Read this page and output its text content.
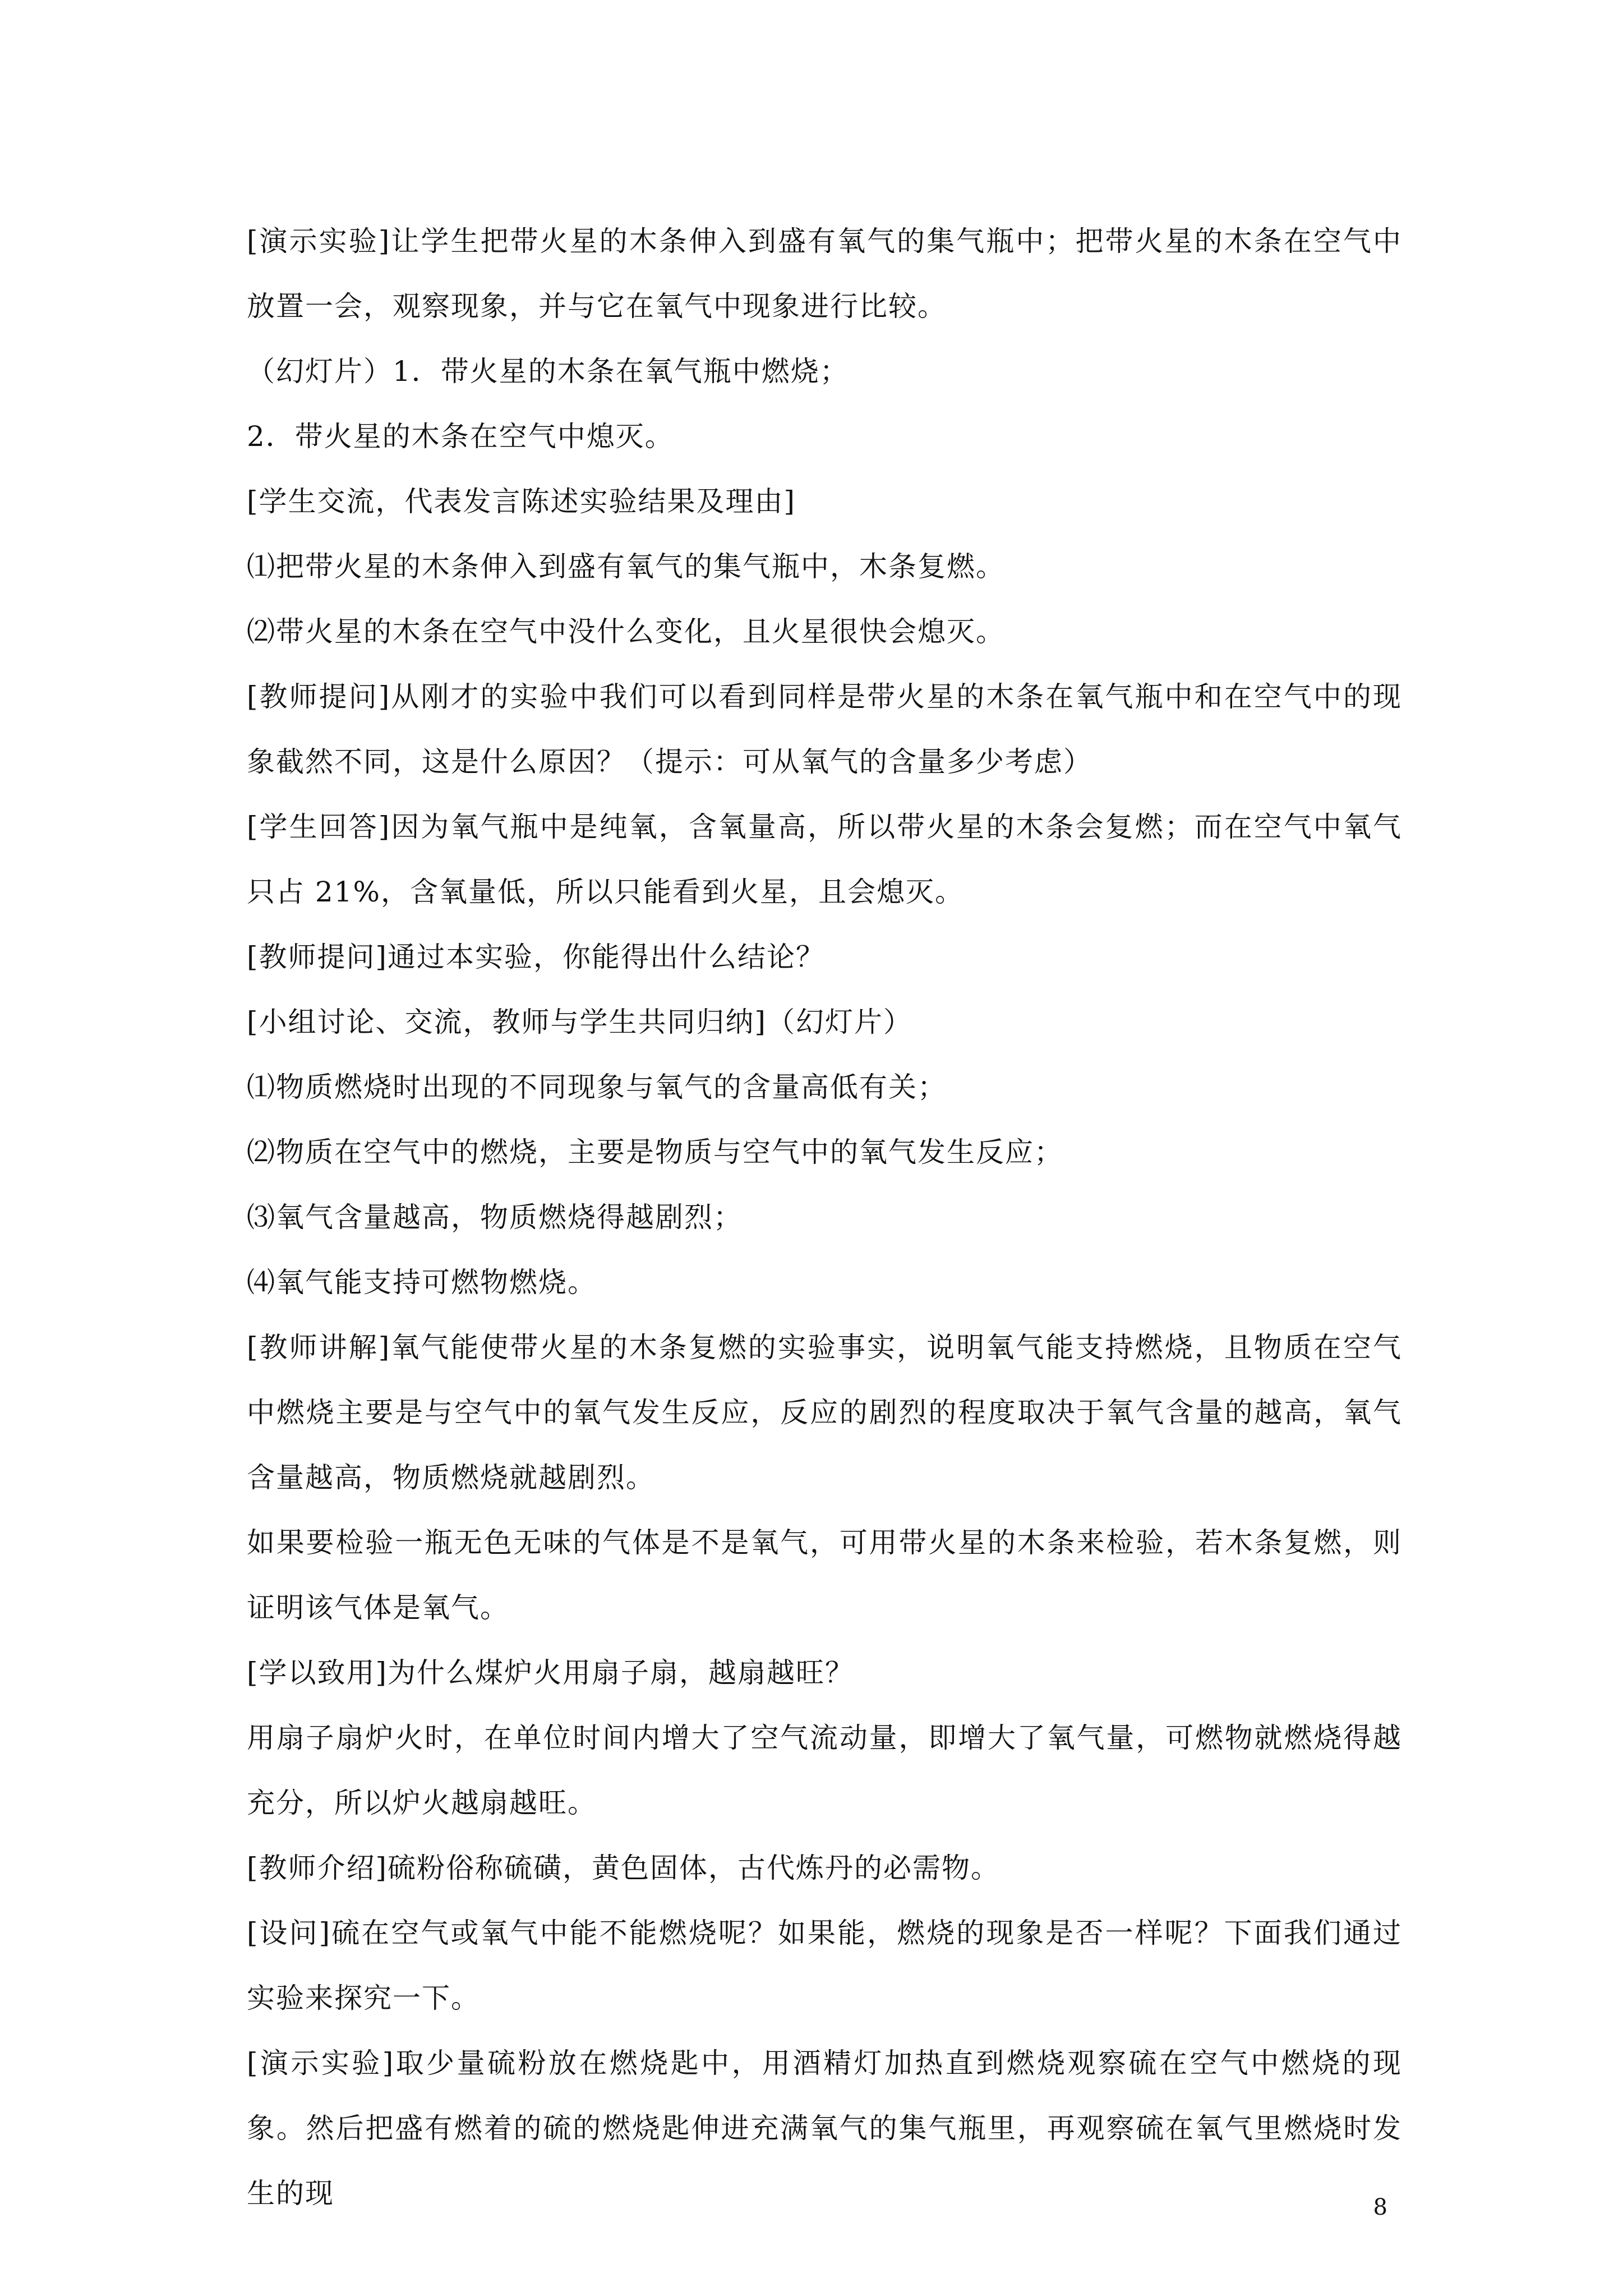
[演示实验]让学生把带火星的木条伸入到盛有氧气的集气瓶中；把带火星的木条在空气中放置一会，观察现象，并与它在氧气中现象进行比较。

（幻灯片）1．带火星的木条在氧气瓶中燃烧；

2．带火星的木条在空气中熄灭。

[学生交流，代表发言陈述实验结果及理由]

⑴把带火星的木条伸入到盛有氧气的集气瓶中，木条复燃。

⑵带火星的木条在空气中没什么变化，且火星很快会熄灭。

[教师提问]从刚才的实验中我们可以看到同样是带火星的木条在氧气瓶中和在空气中的现象截然不同，这是什么原因？（提示：可从氧气的含量多少考虑）

[学生回答]因为氧气瓶中是纯氧，含氧量高，所以带火星的木条会复燃；而在空气中氧气只占 21%，含氧量低，所以只能看到火星，且会熄灭。

[教师提问]通过本实验，你能得出什么结论？

[小组讨论、交流，教师与学生共同归纳]（幻灯片）

⑴物质燃烧时出现的不同现象与氧气的含量高低有关；

⑵物质在空气中的燃烧，主要是物质与空气中的氧气发生反应；

⑶氧气含量越高，物质燃烧得越剧烈；

⑷氧气能支持可燃物燃烧。

[教师讲解]氧气能使带火星的木条复燃的实验事实，说明氧气能支持燃烧，且物质在空气中燃烧主要是与空气中的氧气发生反应，反应的剧烈的程度取决于氧气含量的越高，氧气含量越高，物质燃烧就越剧烈。

如果要检验一瓶无色无味的气体是不是氧气，可用带火星的木条来检验，若木条复燃，则证明该气体是氧气。

[学以致用]为什么煤炉火用扇子扇，越扇越旺？

用扇子扇炉火时，在单位时间内增大了空气流动量，即增大了氧气量，可燃物就燃烧得越充分，所以炉火越扇越旺。

[教师介绍]硫粉俗称硫磺，黄色固体，古代炼丹的必需物。

[设问]硫在空气或氧气中能不能燃烧呢？如果能，燃烧的现象是否一样呢？下面我们通过实验来探究一下。

[演示实验]取少量硫粉放在燃烧匙中，用酒精灯加热直到燃烧观察硫在空气中燃烧的现象。然后把盛有燃着的硫的燃烧匙伸进充满氧气的集气瓶里，再观察硫在氧气里燃烧时发生的现	8
